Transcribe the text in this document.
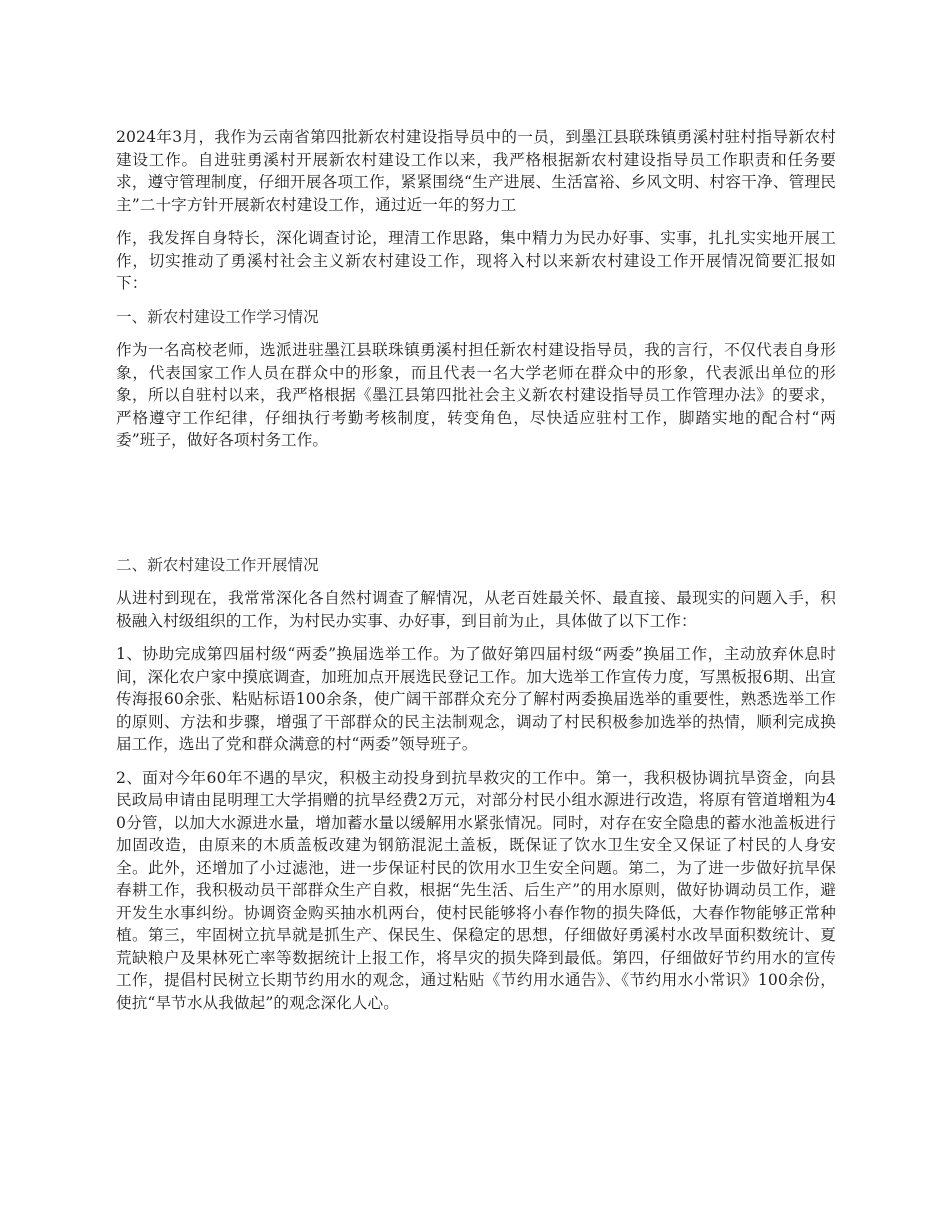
2024年3月，我作为云南省第四批新农村建设指导员中的一员，到墨江县联珠镇勇溪村驻村指导新农村建设工作。自进驻勇溪村开展新农村建设工作以来，我严格根据新农村建设指导员工作职责和任务要求，遵守管理制度，仔细开展各项工作，紧紧围绕“生产进展、生活富裕、乡风文明、村容干净、管理民主”二十字方针开展新农村建设工作，通过近一年的努力工

作，我发挥自身特长，深化调查讨论，理清工作思路，集中精力为民办好事、实事，扎扎实实地开展工作，切实推动了勇溪村社会主义新农村建设工作，现将入村以来新农村建设工作开展情况简要汇报如下：

一、新农村建设工作学习情况

作为一名高校老师，选派进驻墨江县联珠镇勇溪村担任新农村建设指导员，我的言行，不仅代表自身形象，代表国家工作人员在群众中的形象，而且代表一名大学老师在群众中的形象，代表派出单位的形象，所以自驻村以来，我严格根据《墨江县第四批社会主义新农村建设指导员工作管理办法》的要求，严格遵守工作纪律，仔细执行考勤考核制度，转变角色，尽快适应驻村工作，脚踏实地的配合村“两委”班子，做好各项村务工作。

二、新农村建设工作开展情况

从进村到现在，我常常深化各自然村调查了解情况，从老百姓最关怀、最直接、最现实的问题入手，积极融入村级组织的工作，为村民办实事、办好事，到目前为止，具体做了以下工作：

1、协助完成第四届村级“两委”换届选举工作。为了做好第四届村级“两委”换届工作，主动放弃休息时间，深化农户家中摸底调查，加班加点开展选民登记工作。加大选举工作宣传力度，写黑板报6期、出宣传海报60余张、粘贴标语100余条，使广阔干部群众充分了解村两委换届选举的重要性，熟悉选举工作的原则、方法和步骤，增强了干部群众的民主法制观念，调动了村民积极参加选举的热情，顺利完成换届工作，选出了党和群众满意的村“两委”领导班子。

2、面对今年60年不遇的旱灾，积极主动投身到抗旱救灾的工作中。第一，我积极协调抗旱资金，向县民政局申请由昆明理工大学捐赠的抗旱经费2万元，对部分村民小组水源进行改造，将原有管道增粗为40分管，以加大水源进水量，增加蓄水量以缓解用水紧张情况。同时，对存在安全隐患的蓄水池盖板进行加固改造，由原来的木质盖板改建为钢筋混泥土盖板，既保证了饮水卫生安全又保证了村民的人身安全。此外，还增加了小过滤池，进一步保证村民的饮用水卫生安全问题。第二，为了进一步做好抗旱保春耕工作，我积极动员干部群众生产自救，根据“先生活、后生产”的用水原则，做好协调动员工作，避开发生水事纠纷。协调资金购买抽水机两台，使村民能够将小春作物的损失降低，大春作物能够正常种植。第三，牢固树立抗旱就是抓生产、保民生、保稳定的思想，仔细做好勇溪村水改旱面积数统计、夏荒缺粮户及果林死亡率等数据统计上报工作，将旱灾的损失降到最低。第四，仔细做好节约用水的宣传工作，提倡村民树立长期节约用水的观念，通过粘贴《节约用水通告》、《节约用水小常识》100余份，使抗“旱节水从我做起”的观念深化人心。
